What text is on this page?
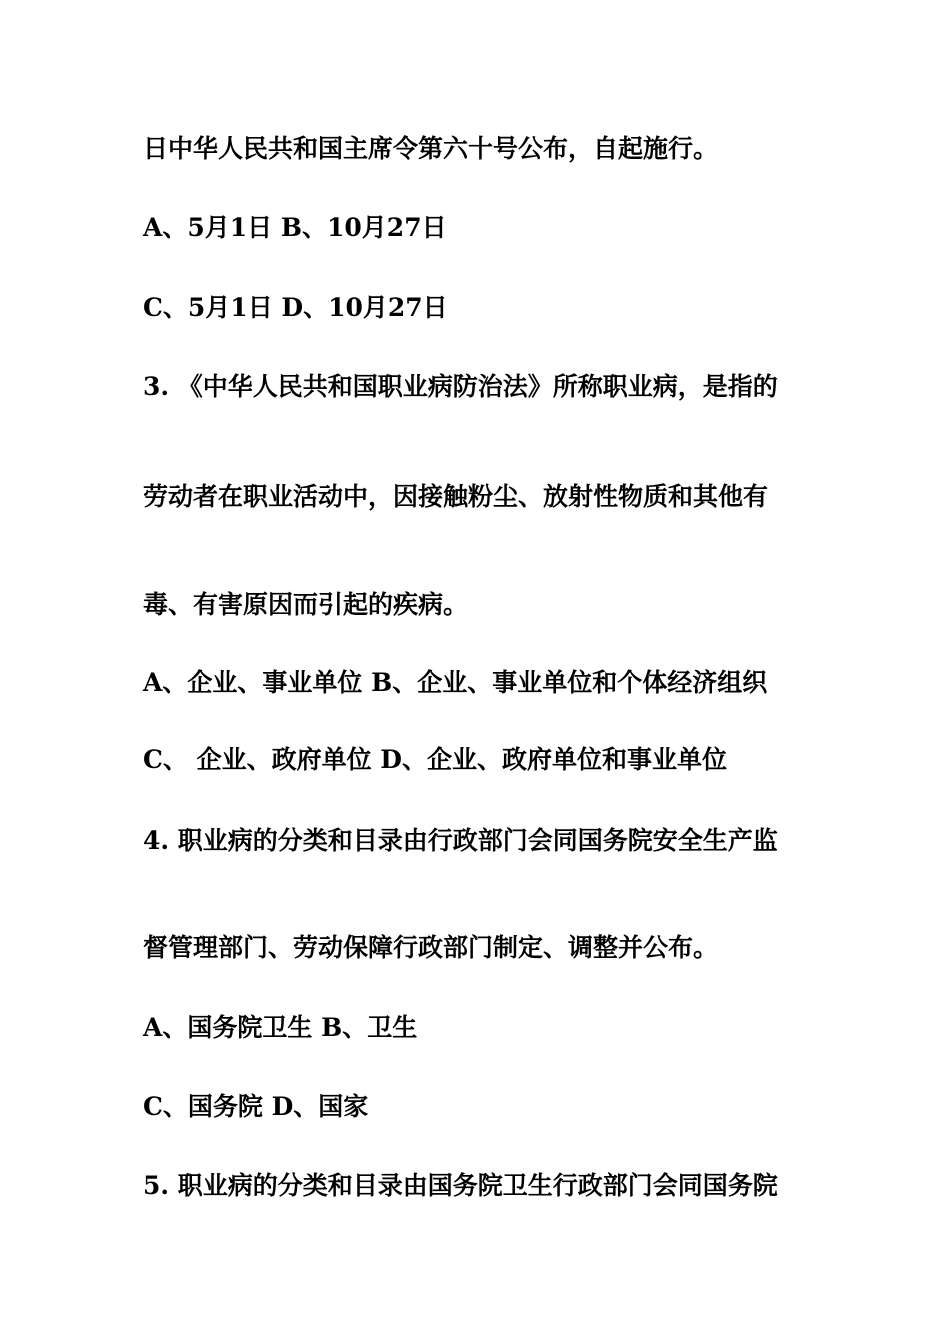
日中华人民共和国主席令第六十号公布，自起施行。
A、5月1日 B、10月27日
C、5月1日 D、10月27日
3. 《中华人民共和国职业病防治法》所称职业病，是指的
劳动者在职业活动中，因接触粉尘、放射性物质和其他有
毒、有害原因而引起的疾病。
A、企业、事业单位 B、企业、事业单位和个体经济组织
C、 企业、政府单位 D、企业、政府单位和事业单位
4. 职业病的分类和目录由行政部门会同国务院安全生产监
督管理部门、劳动保障行政部门制定、调整并公布。
A、国务院卫生 B、卫生
C、国务院 D、国家
5. 职业病的分类和目录由国务院卫生行政部门会同国务院
